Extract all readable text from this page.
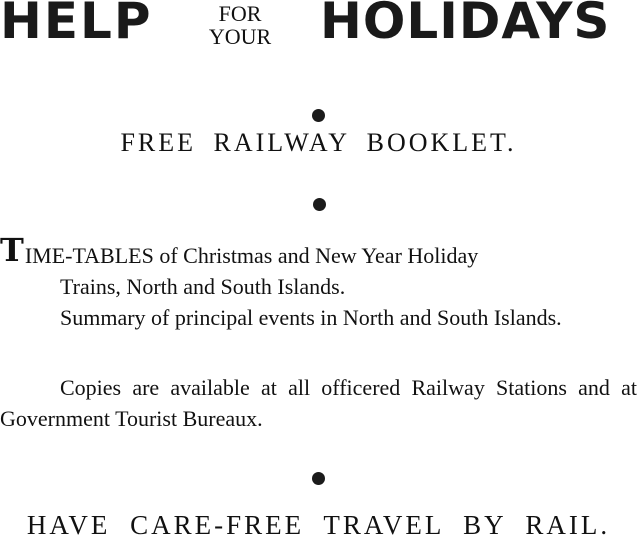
HELP	FOR
YOUR HOLIDAYS
FREE RAILWAY BOOKLET.
TIME-TABLES of Christmas and New Year Holiday
Trains, North and South Islands.
Summary of principal events in North and South Islands.
Copies are available at all officered Railway Stations and at Government Tourist Bureaux.
HAVE CARE-FREE TRAVEL BY RAIL.
